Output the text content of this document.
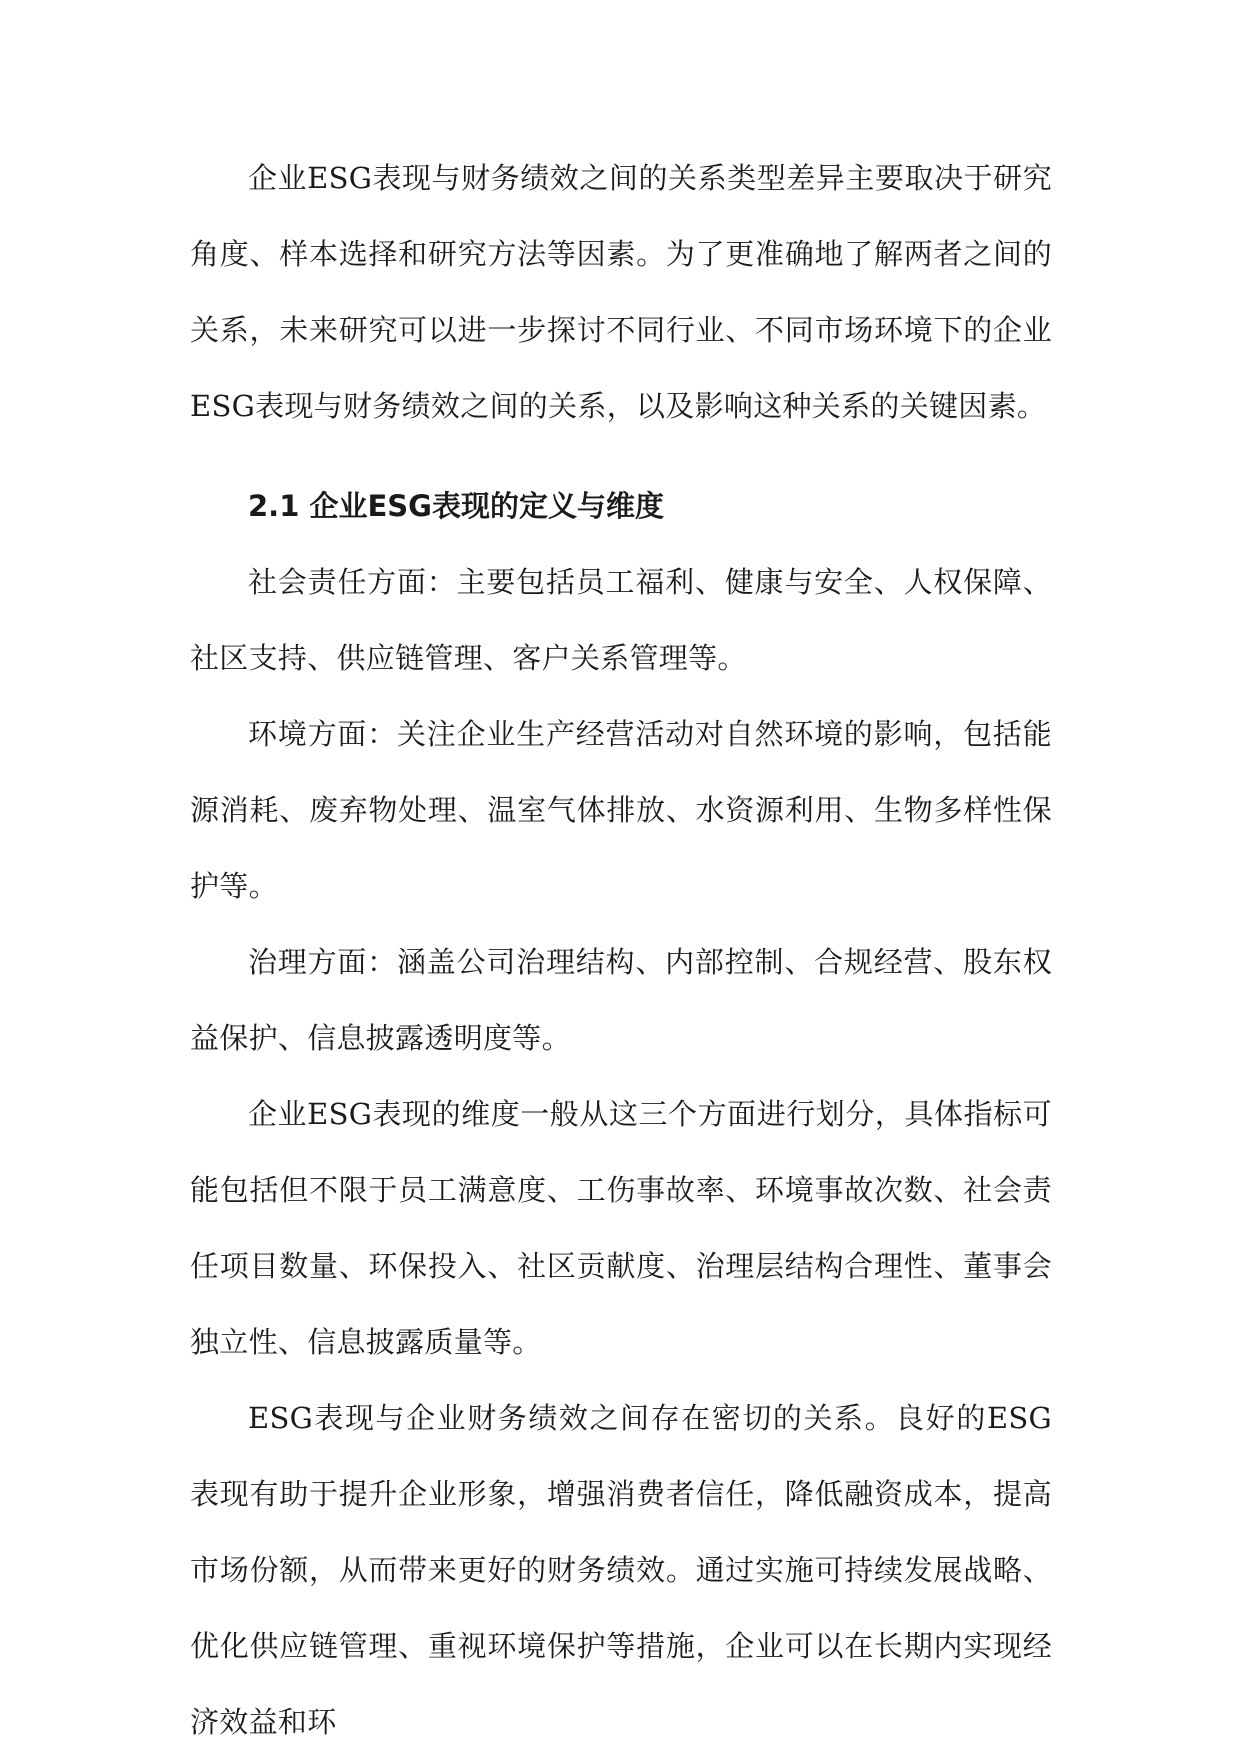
企业ESG表现与财务绩效之间的关系类型差异主要取决于研究角度、样本选择和研究方法等因素。为了更准确地了解两者之间的关系，未来研究可以进一步探讨不同行业、不同市场环境下的企业ESG表现与财务绩效之间的关系，以及影响这种关系的关键因素。

2.1 企业ESG表现的定义与维度

社会责任方面：主要包括员工福利、健康与安全、人权保障、社区支持、供应链管理、客户关系管理等。

环境方面：关注企业生产经营活动对自然环境的影响，包括能源消耗、废弃物处理、温室气体排放、水资源利用、生物多样性保护等。

治理方面：涵盖公司治理结构、内部控制、合规经营、股东权益保护、信息披露透明度等。

企业ESG表现的维度一般从这三个方面进行划分，具体指标可能包括但不限于员工满意度、工伤事故率、环境事故次数、社会责任项目数量、环保投入、社区贡献度、治理层结构合理性、董事会独立性、信息披露质量等。

ESG表现与企业财务绩效之间存在密切的关系。良好的ESG表现有助于提升企业形象，增强消费者信任，降低融资成本，提高市场份额，从而带来更好的财务绩效。通过实施可持续发展战略、优化供应链管理、重视环境保护等措施，企业可以在长期内实现经济效益和环
